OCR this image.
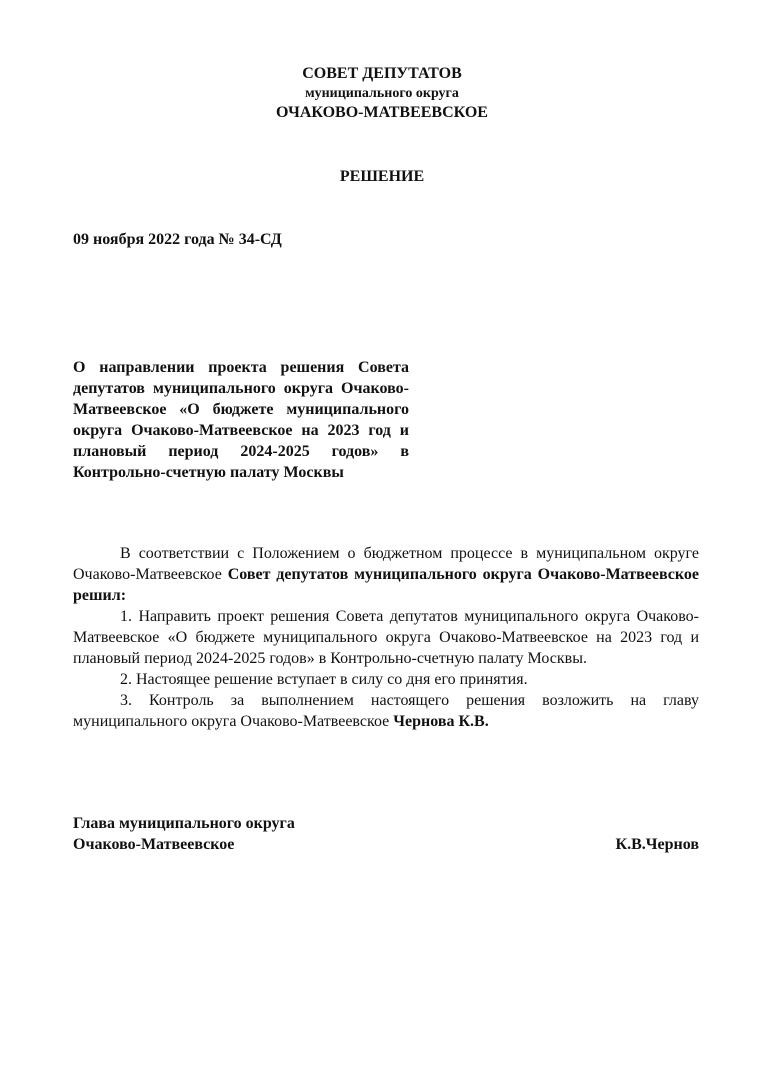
СОВЕТ ДЕПУТАТОВ
муниципального округа
ОЧАКОВО-МАТВЕЕВСКОЕ
РЕШЕНИЕ
09 ноября 2022 года № 34-СД
О направлении проекта решения Совета депутатов муниципального округа Очаково-Матвеевское «О бюджете муниципального округа Очаково-Матвеевское на 2023 год и плановый период 2024-2025 годов» в Контрольно-счетную палату Москвы

В соответствии с Положением о бюджетном процессе в муниципальном округе Очаково-Матвеевское Совет депутатов муниципального округа Очаково-Матвеевское решил:

1. Направить проект решения Совета депутатов муниципального округа Очаково-Матвеевское «О бюджете муниципального округа Очаково-Матвеевское на 2023 год и плановый период 2024-2025 годов» в Контрольно-счетную палату Москвы.

2. Настоящее решение вступает в силу со дня его принятия.

3. Контроль за выполнением настоящего решения возложить на главу муниципального округа Очаково-Матвеевское Чернова К.В.

Глава муниципального округа
Очаково-Матвеевское	К.В.Чернов
